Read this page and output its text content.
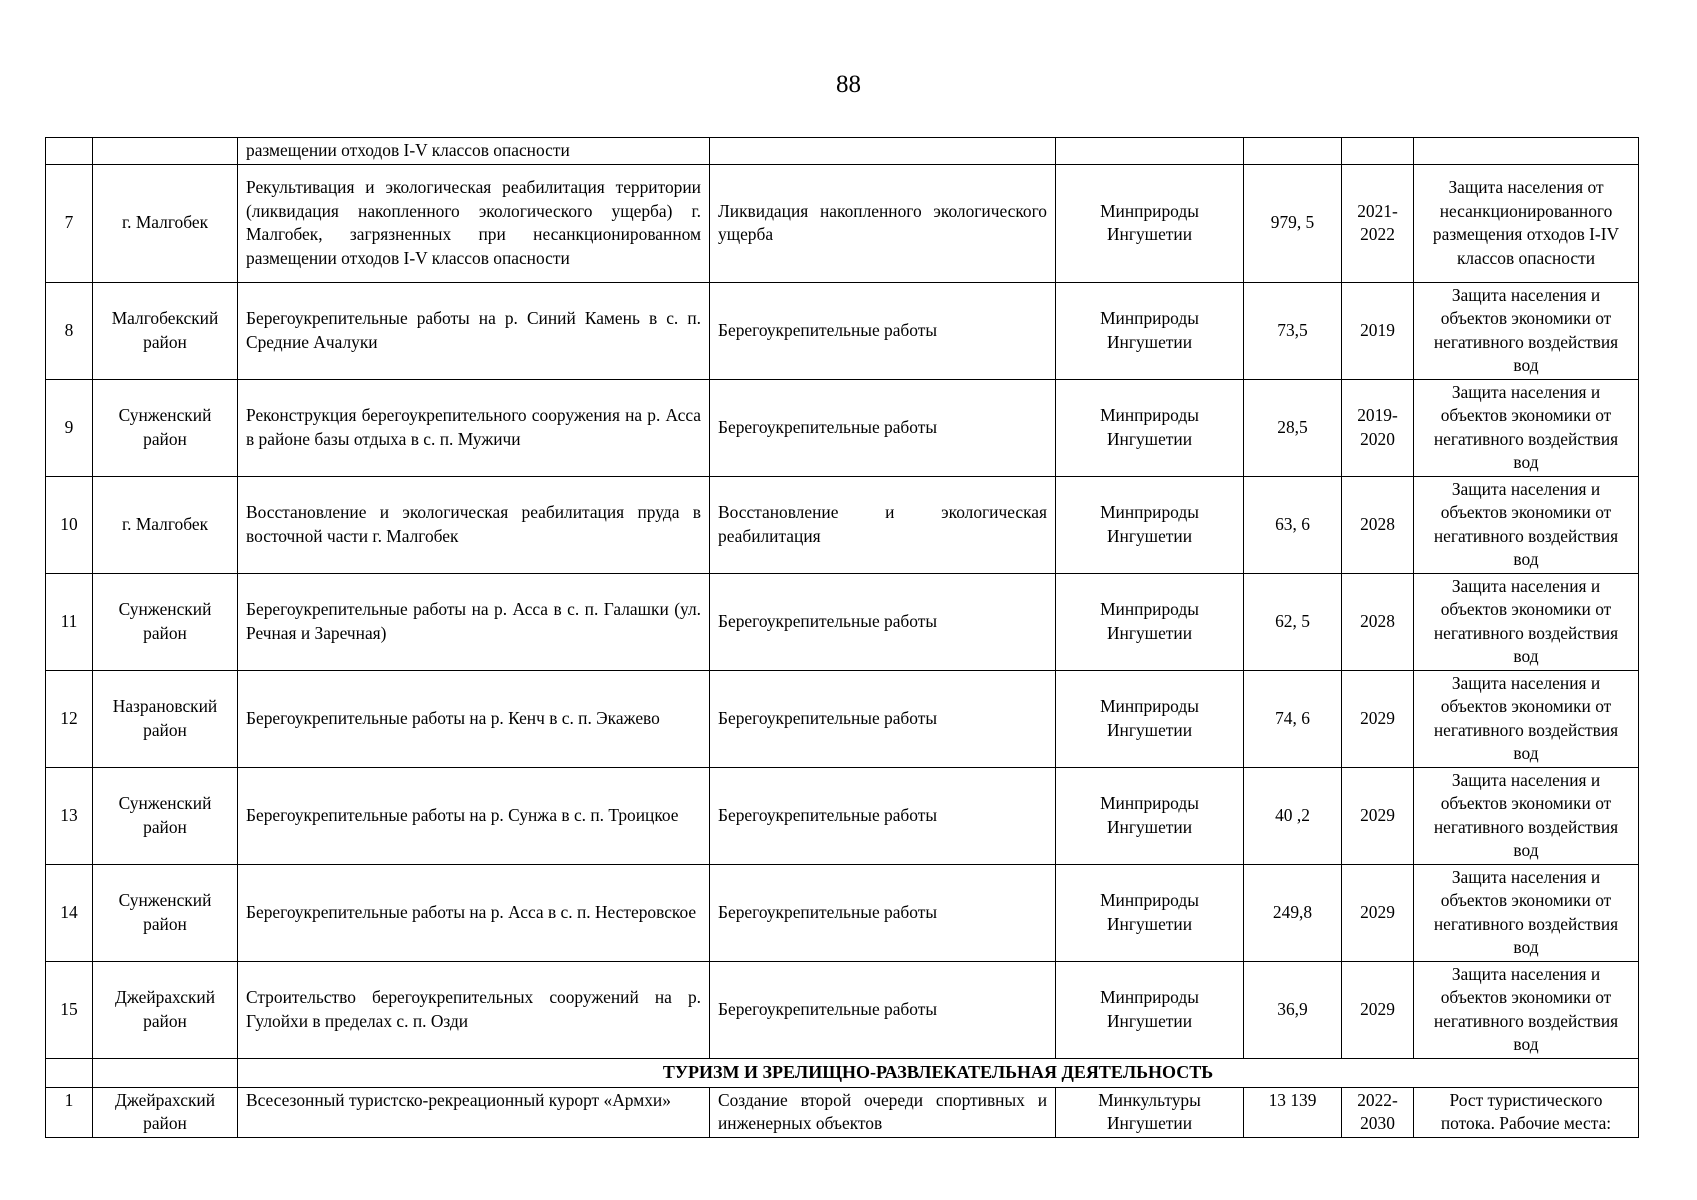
88
		размещении отходов I-V классов опасности					
7	г. Малгобек	Рекультивация и экологическая реабилитация территории (ликвидация накопленного экологического ущерба) г. Малгобек, загрязненных при несанкционированном размещении отходов I-V классов опасности	Ликвидация накопленного экологического ущерба	Минприроды Ингушетии	979, 5	2021-2022	Защита населения от несанкционированного размещения отходов I-IV классов опасности
8	Малгобекский район	Берегоукрепительные работы на р. Синий Камень в с. п. Средние Ачалуки	Берегоукрепительные работы	Минприроды Ингушетии	73,5	2019	Защита населения и объектов экономики от негативного воздействия вод
9	Сунженский район	Реконструкция берегоукрепительного сооружения на р. Асса в районе базы отдыха в с. п. Мужичи	Берегоукрепительные работы	Минприроды Ингушетии	28,5	2019-2020	Защита населения и объектов экономики от негативного воздействия вод
10	г. Малгобек	Восстановление и экологическая реабилитация пруда в восточной части г. Малгобек	Восстановление и экологическая реабилитация	Минприроды Ингушетии	63, 6	2028	Защита населения и объектов экономики от негативного воздействия вод
11	Сунженский район	Берегоукрепительные работы на р. Асса в с. п. Галашки (ул. Речная и Заречная)	Берегоукрепительные работы	Минприроды Ингушетии	62, 5	2028	Защита населения и объектов экономики от негативного воздействия вод
12	Назрановский район	Берегоукрепительные работы на р. Кенч в с. п. Экажево	Берегоукрепительные работы	Минприроды Ингушетии	74, 6	2029	Защита населения и объектов экономики от негативного воздействия вод
13	Сунженский район	Берегоукрепительные работы на р. Сунжа в с. п. Троицкое	Берегоукрепительные работы	Минприроды Ингушетии	40 ,2	2029	Защита населения и объектов экономики от негативного воздействия вод
14	Сунженский район	Берегоукрепительные работы на р. Асса в с. п. Нестеровское	Берегоукрепительные работы	Минприроды Ингушетии	249,8	2029	Защита населения и объектов экономики от негативного воздействия вод
15	Джейрахский район	Строительство берегоукрепительных сооружений на р. Гулойхи в пределах с. п. Озди	Берегоукрепительные работы	Минприроды Ингушетии	36,9	2029	Защита населения и объектов экономики от негативного воздействия вод
		ТУРИЗМ И ЗРЕЛИЩНО-РАЗВЛЕКАТЕЛЬНАЯ ДЕЯТЕЛЬНОСТЬ					
1	Джейрахский район	Всесезонный туристско-рекреационный курорт «Армхи»	Создание второй очереди спортивных и инженерных объектов	Минкультуры Ингушетии	13 139	2022-2030	Рост туристического потока. Рабочие места:
